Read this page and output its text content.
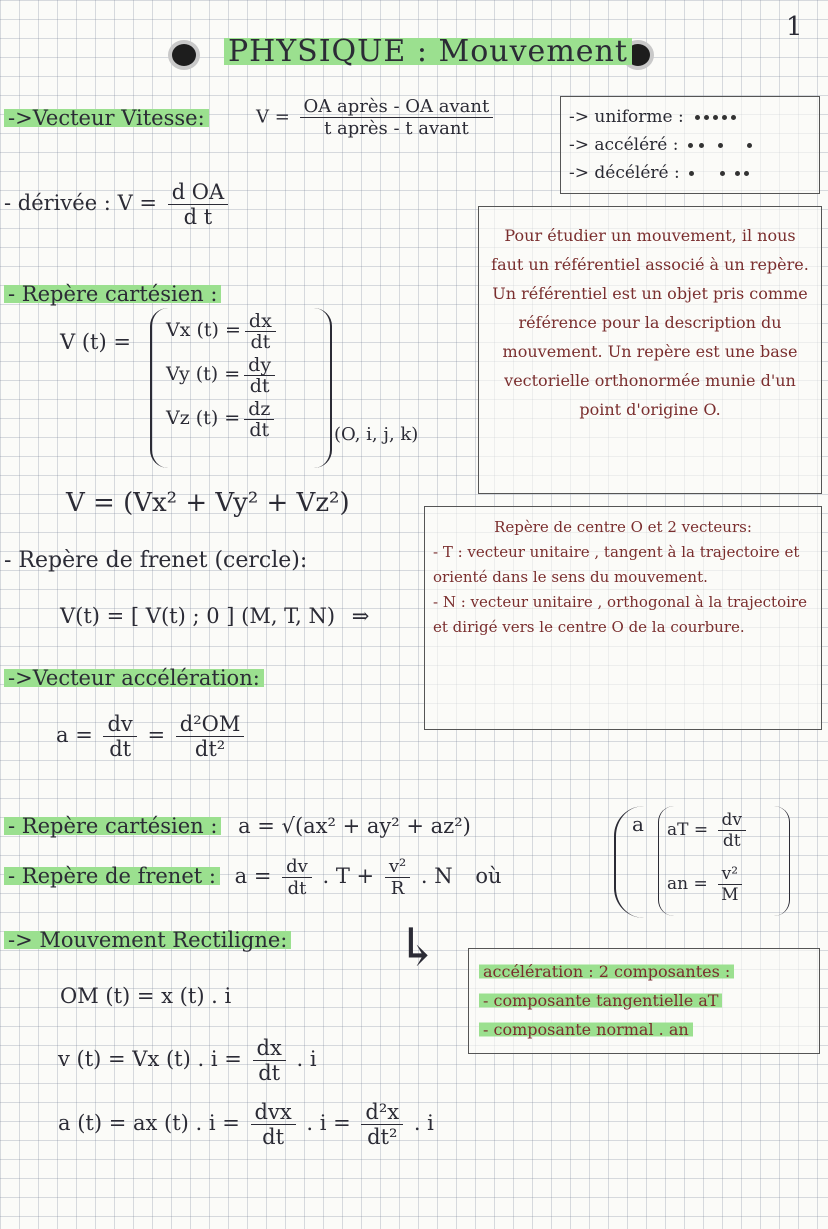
PHYSIQUE : Mouvement
1
->Vecteur Vitesse:	$V = \frac{\text{OA après - OA avant}}{\text{t après - t avant}}$	-> uniforme :
-> accéléré :
-> décéléré :
- dérivée : $V = \frac{\text{d OA}}{\text{d t}}$
Pour étudier un mouvement, il nous faut un référentiel associé à un repère. Un référentiel est un objet pris comme référence pour la description du mouvement. Un repère est une base vectorielle orthonormée munie d'un point d'origine O.
- Repère cartésien :
V (t) = Vx $(t) = \frac{dx}{dt}$
Vy $(t) = \frac{dy}{dt}$
Vz $(t) = \frac{dz}{dt}$	(O, i, j, k)
V = (Vx² + Vy² + Vz²)
- Repère de frenet (cercle):
V(t) = [ V(t) ; 0 ] (M, T, N) ⇒
Repère de centre O et 2 vecteurs:
- T : vecteur unitaire , tangent à la trajectoire et orienté dans le sens du mouvement.
- N : vecteur unitaire , orthogonal à la trajectoire et dirigé vers le centre O de la courbure.
->Vecteur accélération:
$a = \frac{dv}{dt} = \frac{\text{d²OM}}{\text{dt²}}$
- Repère cartésien : a = √(ax² + ay² + az²)
- Repère de frenet : $a = \frac{dv}{dt}$ . $T + \frac{\text{v²}}{R}$ . N où
a aT = $\frac{dv}{dt}$
an = $\frac{\text{v²}}{M}$
-> Mouvement Rectiligne: ↳	accélération : 2 composantes :
- composante tangentielle aT
- composante normal . an
OM (t) = x (t) . i
v (t) = Vx (t) . $i = \frac{dx}{dt}$ . i
a (t) = ax (t) . $i = \frac{\text{dvx}}{dt}$ . $i = \frac{\text{d²x}}{\text{dt²}}$ . i
